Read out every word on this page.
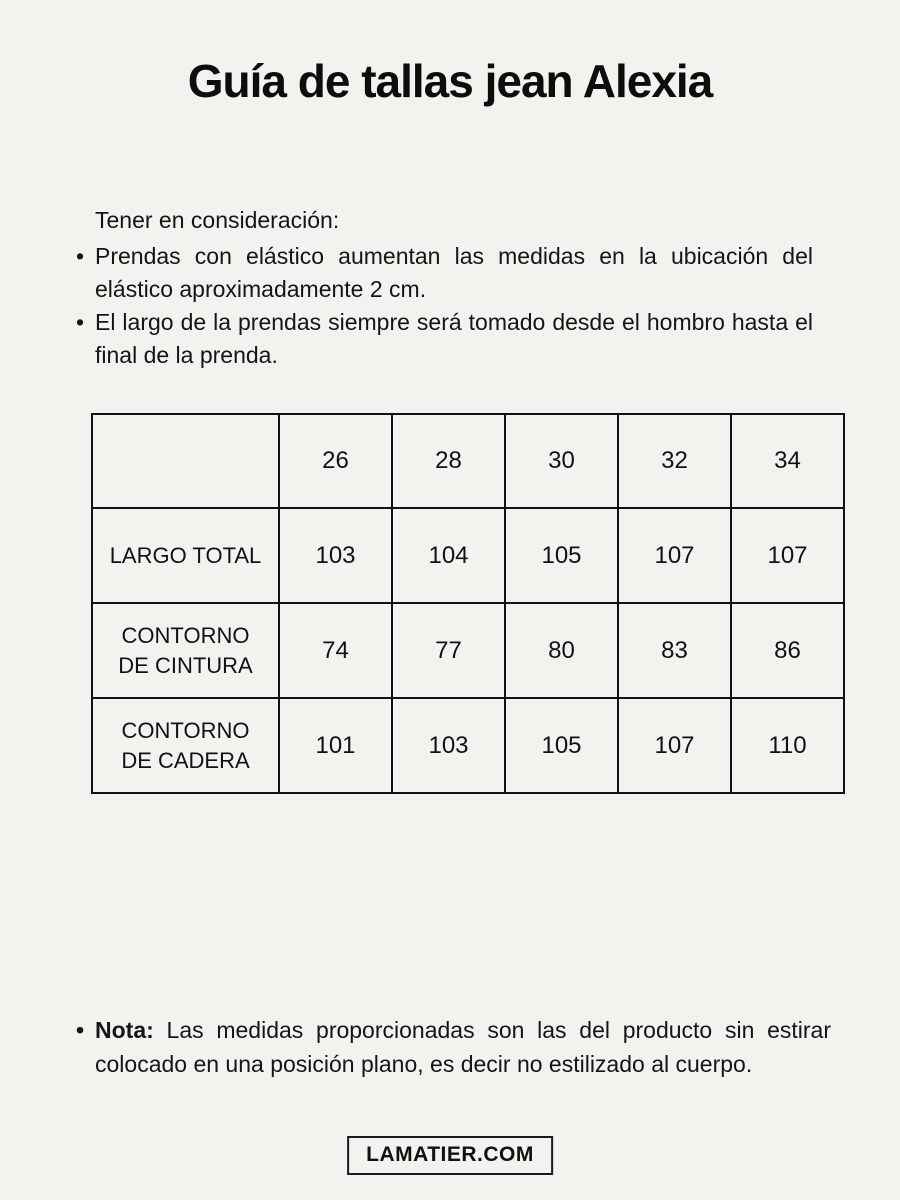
Guía de tallas jean Alexia
Tener en consideración:
• Prendas con elástico aumentan las medidas en la ubicación del elástico aproximadamente 2 cm.
• El largo de la prendas siempre será tomado desde el hombro hasta el final de la prenda.
	26	28	30	32	34
LARGO TOTAL	103	104	105	107	107
CONTORNO DE CINTURA	74	77	80	83	86
CONTORNO DE CADERA	101	103	105	107	110
• Nota: Las medidas proporcionadas son las del producto sin estirar colocado en una posición plano, es decir no estilizado al cuerpo.
LAMATIER.COM
